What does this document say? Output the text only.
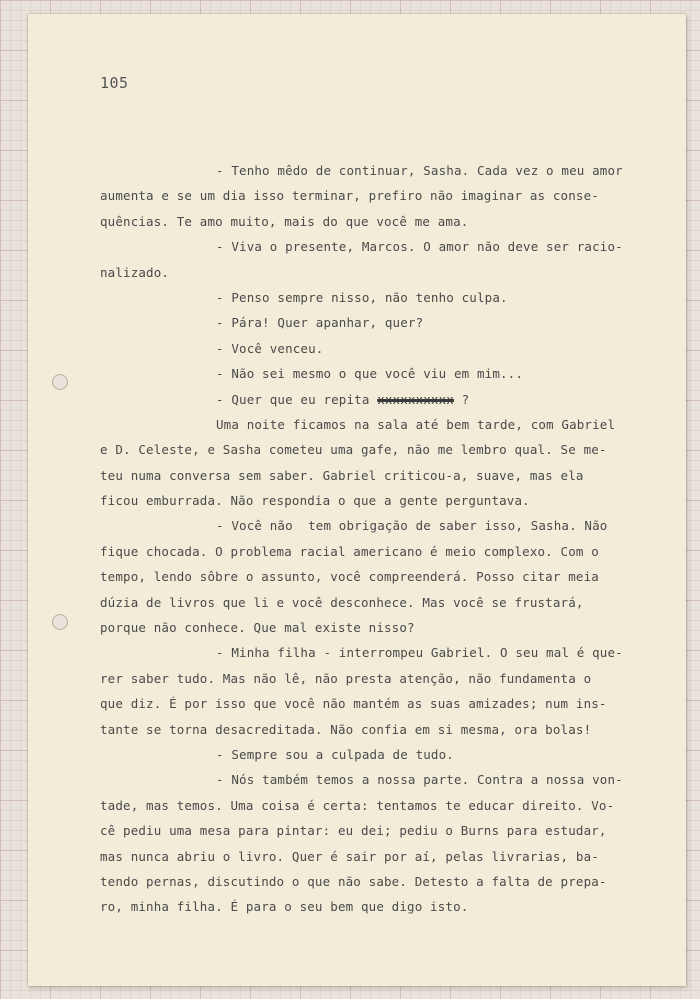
105
- Tenho mêdo de continuar, Sasha. Cada vez o meu amor
aumenta e se um dia isso terminar, prefiro não imaginar as conse-
quências. Te amo muito, mais do que você me ama.
- Viva o presente, Marcos. O amor não deve ser racio-
nalizado.
- Penso sempre nisso, não tenho culpa.
- Pára! Quer apanhar, quer?
- Você venceu.
- Não sei mesmo o que você viu em mim...
- Quer que eu repita xxxxxxxxxx ?
Uma noite ficamos na sala até bem tarde, com Gabriel
e D. Celeste, e Sasha cometeu uma gafe, não me lembro qual. Se me-
teu numa conversa sem saber. Gabriel criticou-a, suave, mas ela
ficou emburrada. Não respondia o que a gente perguntava.
- Você não  tem obrigação de saber isso, Sasha. Não
fique chocada. O problema racial americano é meio complexo. Com o
tempo, lendo sôbre o assunto, você compreenderá. Posso citar meia
dúzia de livros que li e você desconhece. Mas você se frustará,
porque não conhece. Que mal existe nisso?
- Minha filha - interrompeu Gabriel. O seu mal é que-
rer saber tudo. Mas não lê, não presta atenção, não fundamenta o
que diz. É por isso que você não mantém as suas amizades; num ins-
tante se torna desacreditada. Não confia em si mesma, ora bolas!
- Sempre sou a culpada de tudo.
- Nós também temos a nossa parte. Contra a nossa von-
tade, mas temos. Uma coisa é certa: tentamos te educar direito. Vo-
cê pediu uma mesa para pintar: eu dei; pediu o Burns para estudar,
mas nunca abriu o livro. Quer é sair por aí, pelas livrarias, ba-
tendo pernas, discutindo o que não sabe. Detesto a falta de prepa-
ro, minha filha. É para o seu bem que digo isto.
